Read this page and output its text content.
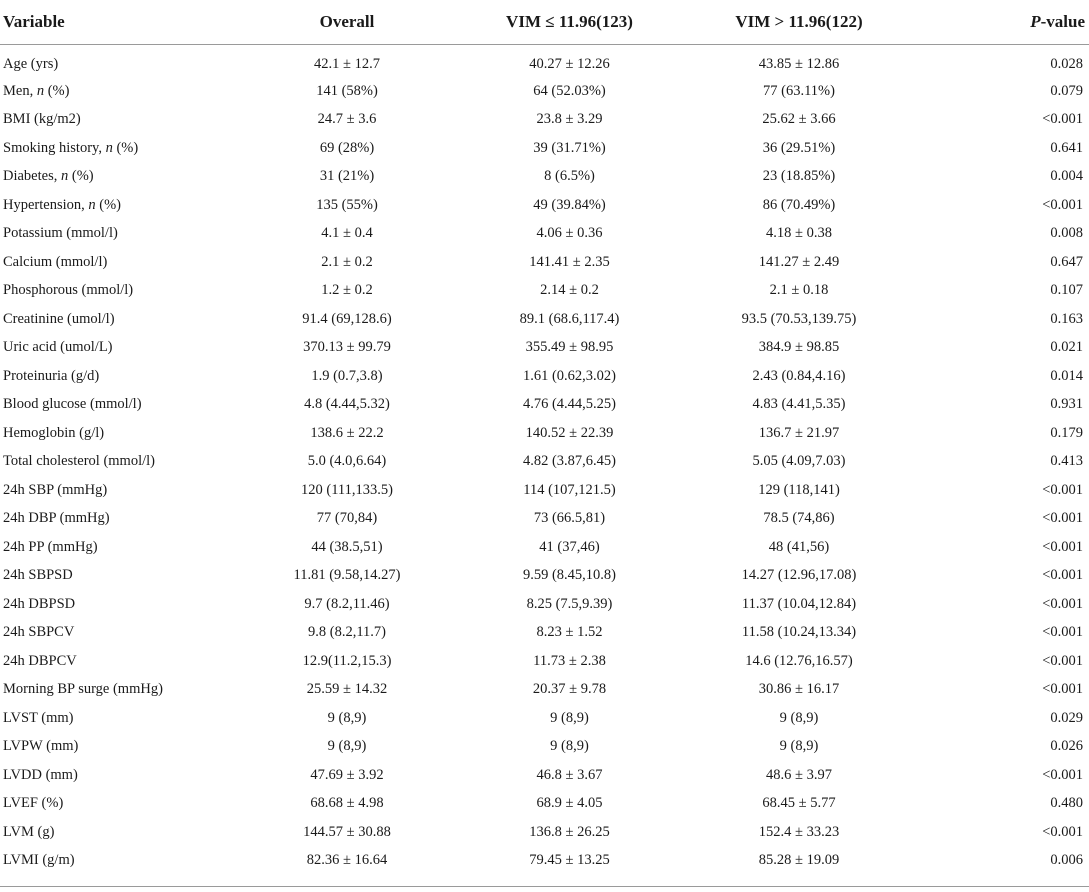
Variable	Overall	VIM ≤ 11.96(123)	VIM > 11.96(122)	P-value
Age (yrs)	42.1 ± 12.7	40.27 ± 12.26	43.85 ± 12.86	0.028
Men, n (%)	141 (58%)	64 (52.03%)	77 (63.11%)	0.079
BMI (kg/m2)	24.7 ± 3.6	23.8 ± 3.29	25.62 ± 3.66	<0.001
Smoking history, n (%)	69 (28%)	39 (31.71%)	36 (29.51%)	0.641
Diabetes, n (%)	31 (21%)	8 (6.5%)	23 (18.85%)	0.004
Hypertension, n (%)	135 (55%)	49 (39.84%)	86 (70.49%)	<0.001
Potassium (mmol/l)	4.1 ± 0.4	4.06 ± 0.36	4.18 ± 0.38	0.008
Calcium (mmol/l)	2.1 ± 0.2	141.41 ± 2.35	141.27 ± 2.49	0.647
Phosphorous (mmol/l)	1.2 ± 0.2	2.14 ± 0.2	2.1 ± 0.18	0.107
Creatinine (umol/l)	91.4 (69,128.6)	89.1 (68.6,117.4)	93.5 (70.53,139.75)	0.163
Uric acid (umol/L)	370.13 ± 99.79	355.49 ± 98.95	384.9 ± 98.85	0.021
Proteinuria (g/d)	1.9 (0.7,3.8)	1.61 (0.62,3.02)	2.43 (0.84,4.16)	0.014
Blood glucose (mmol/l)	4.8 (4.44,5.32)	4.76 (4.44,5.25)	4.83 (4.41,5.35)	0.931
Hemoglobin (g/l)	138.6 ± 22.2	140.52 ± 22.39	136.7 ± 21.97	0.179
Total cholesterol (mmol/l)	5.0 (4.0,6.64)	4.82 (3.87,6.45)	5.05 (4.09,7.03)	0.413
24h SBP (mmHg)	120 (111,133.5)	114 (107,121.5)	129 (118,141)	<0.001
24h DBP (mmHg)	77 (70,84)	73 (66.5,81)	78.5 (74,86)	<0.001
24h PP (mmHg)	44 (38.5,51)	41 (37,46)	48 (41,56)	<0.001
24h SBPSD	11.81 (9.58,14.27)	9.59 (8.45,10.8)	14.27 (12.96,17.08)	<0.001
24h DBPSD	9.7 (8.2,11.46)	8.25 (7.5,9.39)	11.37 (10.04,12.84)	<0.001
24h SBPCV	9.8 (8.2,11.7)	8.23 ± 1.52	11.58 (10.24,13.34)	<0.001
24h DBPCV	12.9(11.2,15.3)	11.73 ± 2.38	14.6 (12.76,16.57)	<0.001
Morning BP surge (mmHg)	25.59 ± 14.32	20.37 ± 9.78	30.86 ± 16.17	<0.001
LVST (mm)	9 (8,9)	9 (8,9)	9 (8,9)	0.029
LVPW (mm)	9 (8,9)	9 (8,9)	9 (8,9)	0.026
LVDD (mm)	47.69 ± 3.92	46.8 ± 3.67	48.6 ± 3.97	<0.001
LVEF (%)	68.68 ± 4.98	68.9 ± 4.05	68.45 ± 5.77	0.480
LVM (g)	144.57 ± 30.88	136.8 ± 26.25	152.4 ± 33.23	<0.001
LVMI (g/m)	82.36 ± 16.64	79.45 ± 13.25	85.28 ± 19.09	0.006
